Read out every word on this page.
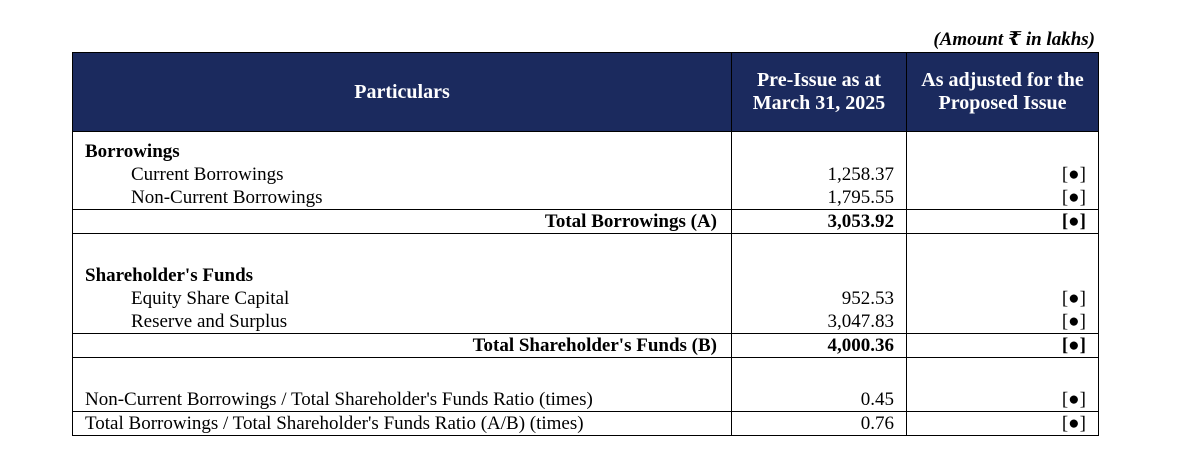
(Amount ₹ in lakhs)
Particulars	Pre-Issue as at March 31, 2025	As adjusted for the Proposed Issue

Borrowings		
Current Borrowings	1,258.37	[●]
Non-Current Borrowings	1,795.55	[●]
Total Borrowings (A)	3,053.92	[●]

Shareholder's Funds		
Equity Share Capital	952.53	[●]
Reserve and Surplus	3,047.83	[●]
Total Shareholder's Funds (B)	4,000.36	[●]

Non-Current Borrowings / Total Shareholder's Funds Ratio (times)	0.45	[●]
Total Borrowings / Total Shareholder's Funds Ratio (A/B) (times)	0.76	[●]
